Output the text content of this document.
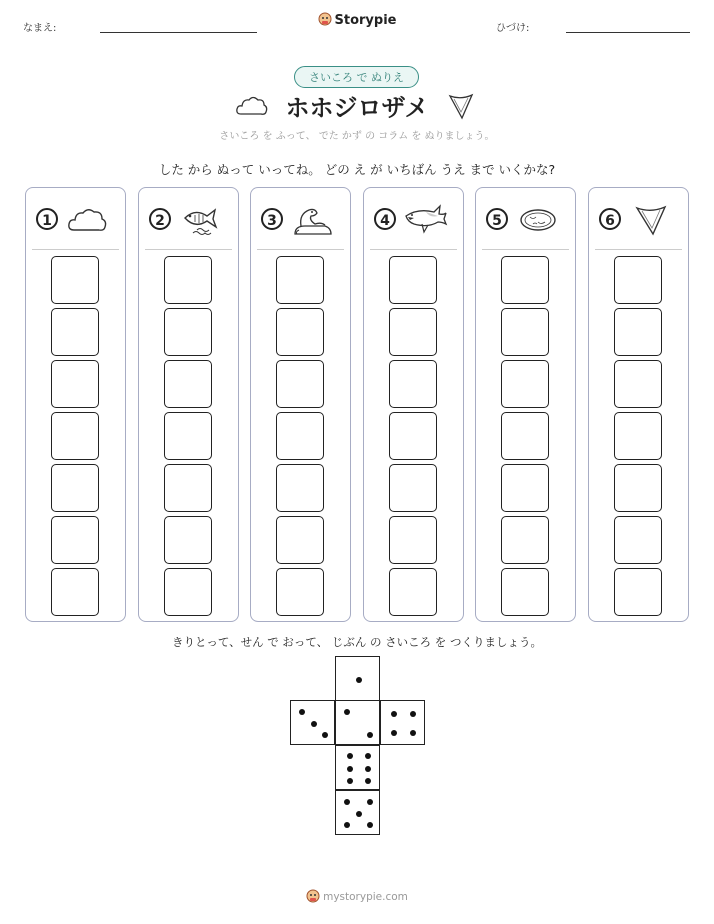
なまえ:
Storypie
ひづけ:
さいころ で ぬりえ
ホホジロザメ
さいころ を ふって、 でた かず の コラム を ぬりましょう。
した から ぬって いってね。 どの え が いちばん うえ まで いくかな?
1	2	3	4	5	6
きりとって、せん で おって、 じぶん の さいころ を つくりましょう。
mystorypie.com
